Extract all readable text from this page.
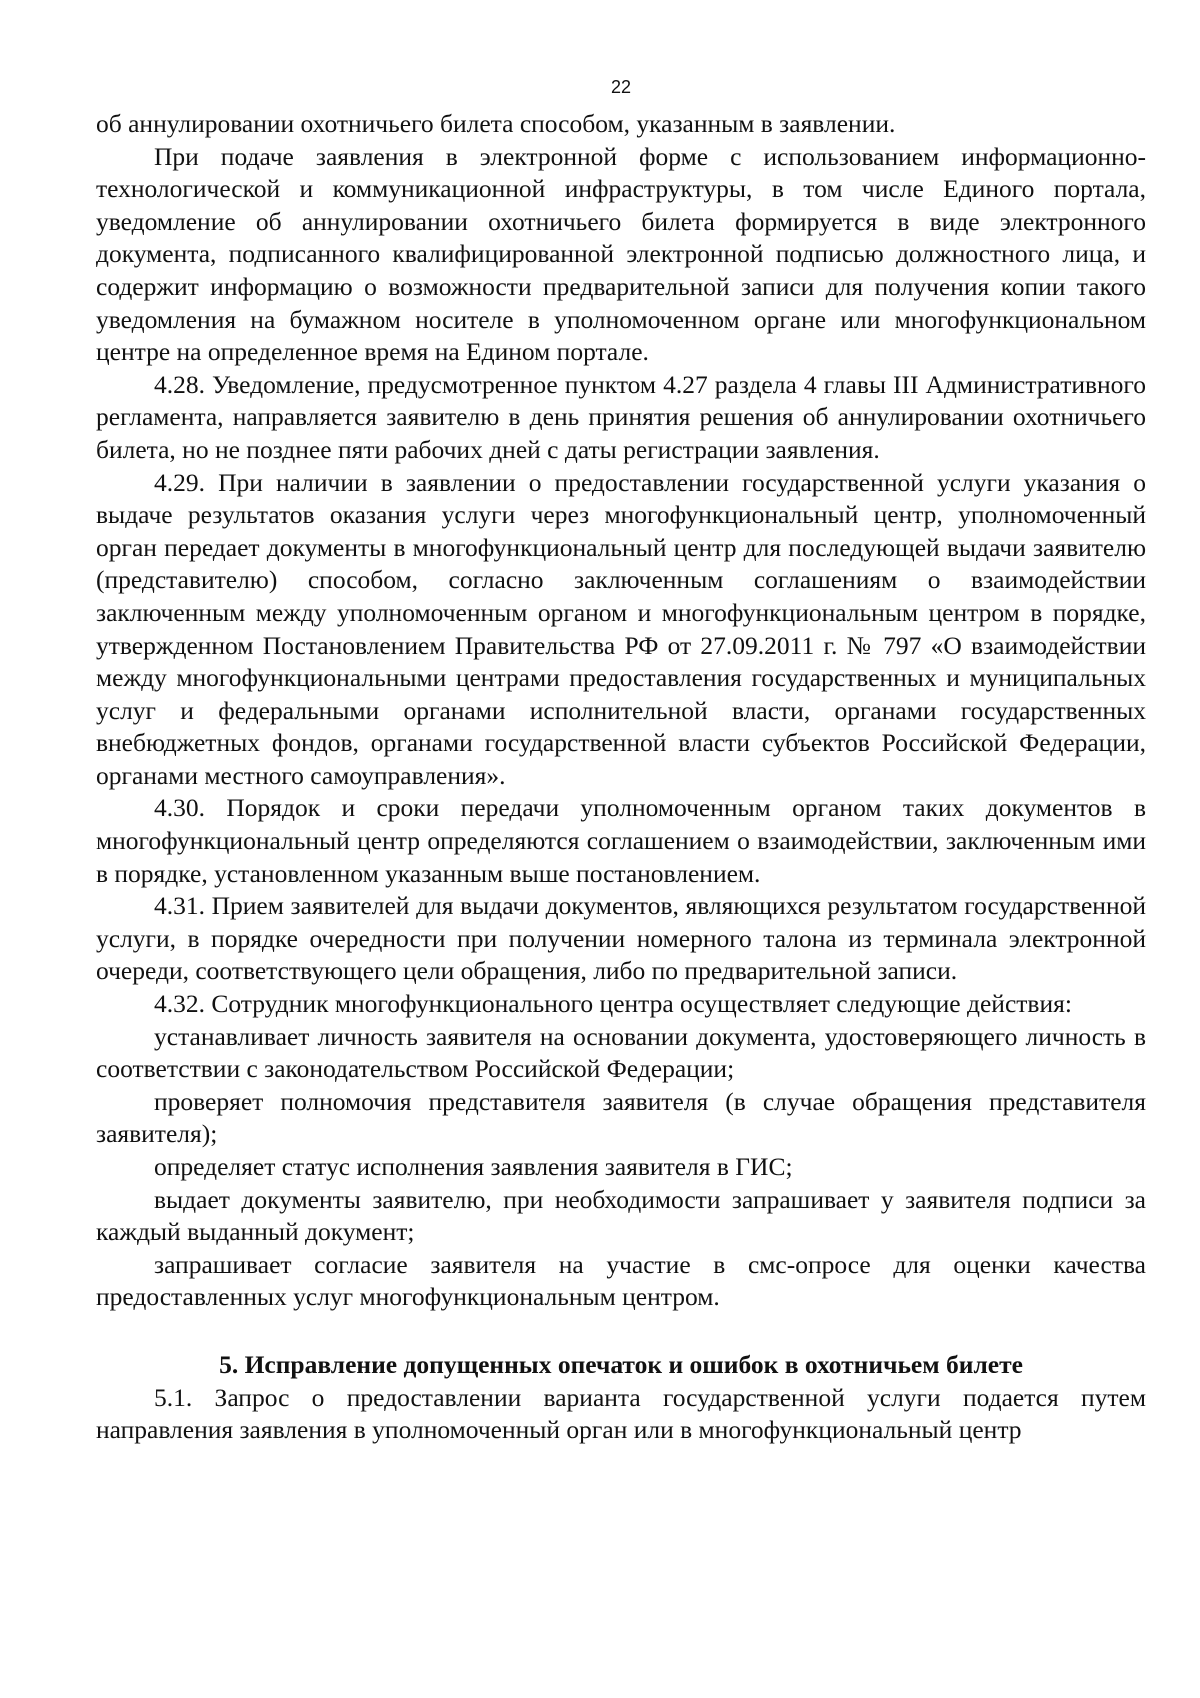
22

об аннулировании охотничьего билета способом, указанным в заявлении.

При подаче заявления в электронной форме с использованием информационно-технологической и коммуникационной инфраструктуры, в том числе Единого портала, уведомление об аннулировании охотничьего билета формируется в виде электронного документа, подписанного квалифицированной электронной подписью должностного лица, и содержит информацию о возможности предварительной записи для получения копии такого уведомления на бумажном носителе в уполномоченном органе или многофункциональном центре на определенное время на Едином портале.

4.28. Уведомление, предусмотренное пунктом 4.27 раздела 4 главы III Административного регламента, направляется заявителю в день принятия решения об аннулировании охотничьего билета, но не позднее пяти рабочих дней с даты регистрации заявления.

4.29. При наличии в заявлении о предоставлении государственной услуги указания о выдаче результатов оказания услуги через многофункциональный центр, уполномоченный орган передает документы в многофункциональный центр для последующей выдачи заявителю (представителю) способом, согласно заключенным соглашениям о взаимодействии заключенным между уполномоченным органом и многофункциональным центром в порядке, утвержденном Постановлением Правительства РФ от 27.09.2011 г. № 797 «О взаимодействии между многофункциональными центрами предоставления государственных и муниципальных услуг и федеральными органами исполнительной власти, органами государственных внебюджетных фондов, органами государственной власти субъектов Российской Федерации, органами местного самоуправления».

4.30. Порядок и сроки передачи уполномоченным органом таких документов в многофункциональный центр определяются соглашением о взаимодействии, заключенным ими в порядке, установленном указанным выше постановлением.

4.31. Прием заявителей для выдачи документов, являющихся результатом государственной услуги, в порядке очередности при получении номерного талона из терминала электронной очереди, соответствующего цели обращения, либо по предварительной записи.

4.32. Сотрудник многофункционального центра осуществляет следующие действия:

устанавливает личность заявителя на основании документа, удостоверяющего личность в соответствии с законодательством Российской Федерации;

проверяет полномочия представителя заявителя (в случае обращения представителя заявителя);

определяет статус исполнения заявления заявителя в ГИС;

выдает документы заявителю, при необходимости запрашивает у заявителя подписи за каждый выданный документ;

запрашивает согласие заявителя на участие в смс-опросе для оценки качества предоставленных услуг многофункциональным центром.

5. Исправление допущенных опечаток и ошибок в охотничьем билете

5.1. Запрос о предоставлении варианта государственной услуги подается путем направления заявления в уполномоченный орган или в многофункциональный центр
